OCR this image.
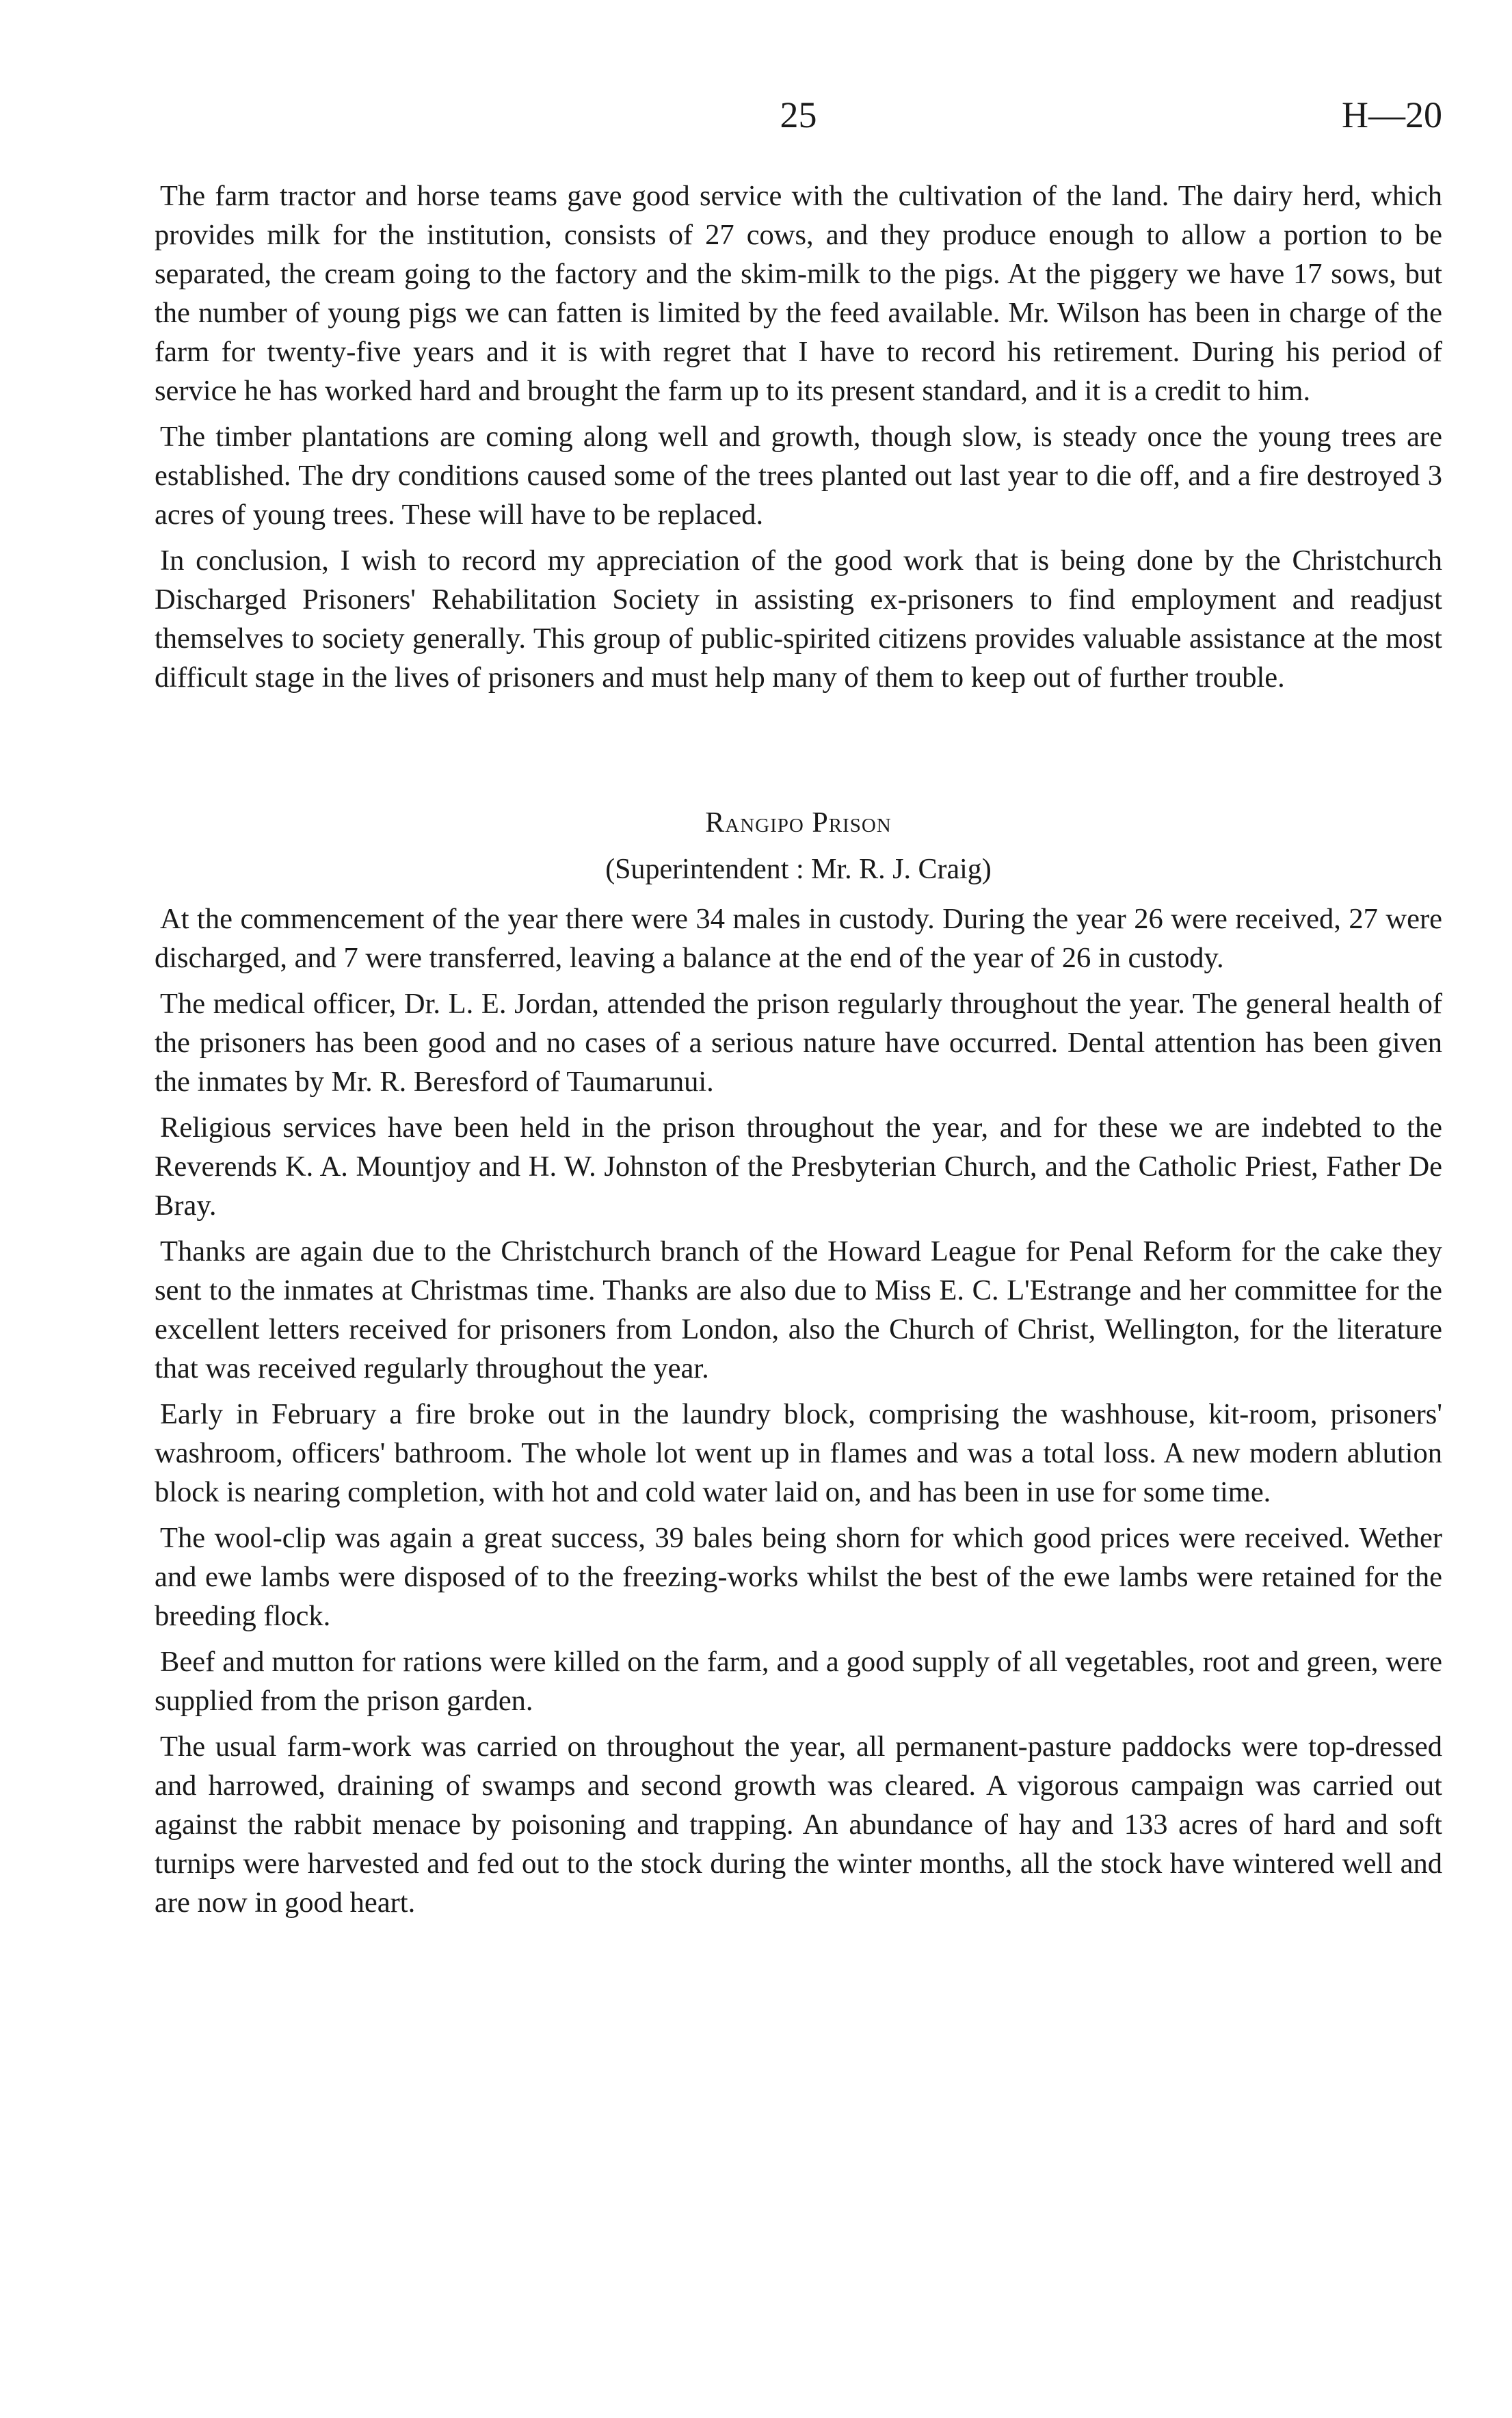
25	H—20

The farm tractor and horse teams gave good service with the cultivation of the land. The dairy herd, which provides milk for the institution, consists of 27 cows, and they produce enough to allow a portion to be separated, the cream going to the factory and the skim-milk to the pigs. At the piggery we have 17 sows, but the number of young pigs we can fatten is limited by the feed available. Mr. Wilson has been in charge of the farm for twenty-five years and it is with regret that I have to record his retirement. During his period of service he has worked hard and brought the farm up to its present standard, and it is a credit to him.

The timber plantations are coming along well and growth, though slow, is steady once the young trees are established. The dry conditions caused some of the trees planted out last year to die off, and a fire destroyed 3 acres of young trees. These will have to be replaced.

In conclusion, I wish to record my appreciation of the good work that is being done by the Christchurch Discharged Prisoners' Rehabilitation Society in assisting ex-prisoners to find employment and readjust themselves to society generally. This group of public-spirited citizens provides valuable assistance at the most difficult stage in the lives of prisoners and must help many of them to keep out of further trouble.

Rangipo Prison
(Superintendent : Mr. R. J. Craig)

At the commencement of the year there were 34 males in custody. During the year 26 were received, 27 were discharged, and 7 were transferred, leaving a balance at the end of the year of 26 in custody.

The medical officer, Dr. L. E. Jordan, attended the prison regularly throughout the year. The general health of the prisoners has been good and no cases of a serious nature have occurred. Dental attention has been given the inmates by Mr. R. Beresford of Taumarunui.

Religious services have been held in the prison throughout the year, and for these we are indebted to the Reverends K. A. Mountjoy and H. W. Johnston of the Presbyterian Church, and the Catholic Priest, Father De Bray.

Thanks are again due to the Christchurch branch of the Howard League for Penal Reform for the cake they sent to the inmates at Christmas time. Thanks are also due to Miss E. C. L'Estrange and her committee for the excellent letters received for prisoners from London, also the Church of Christ, Wellington, for the literature that was received regularly throughout the year.

Early in February a fire broke out in the laundry block, comprising the washhouse, kit-room, prisoners' washroom, officers' bathroom. The whole lot went up in flames and was a total loss. A new modern ablution block is nearing completion, with hot and cold water laid on, and has been in use for some time.

The wool-clip was again a great success, 39 bales being shorn for which good prices were received. Wether and ewe lambs were disposed of to the freezing-works whilst the best of the ewe lambs were retained for the breeding flock.

Beef and mutton for rations were killed on the farm, and a good supply of all vegetables, root and green, were supplied from the prison garden.

The usual farm-work was carried on throughout the year, all permanent-pasture paddocks were top-dressed and harrowed, draining of swamps and second growth was cleared. A vigorous campaign was carried out against the rabbit menace by poisoning and trapping. An abundance of hay and 133 acres of hard and soft turnips were harvested and fed out to the stock during the winter months, all the stock have wintered well and are now in good heart.
